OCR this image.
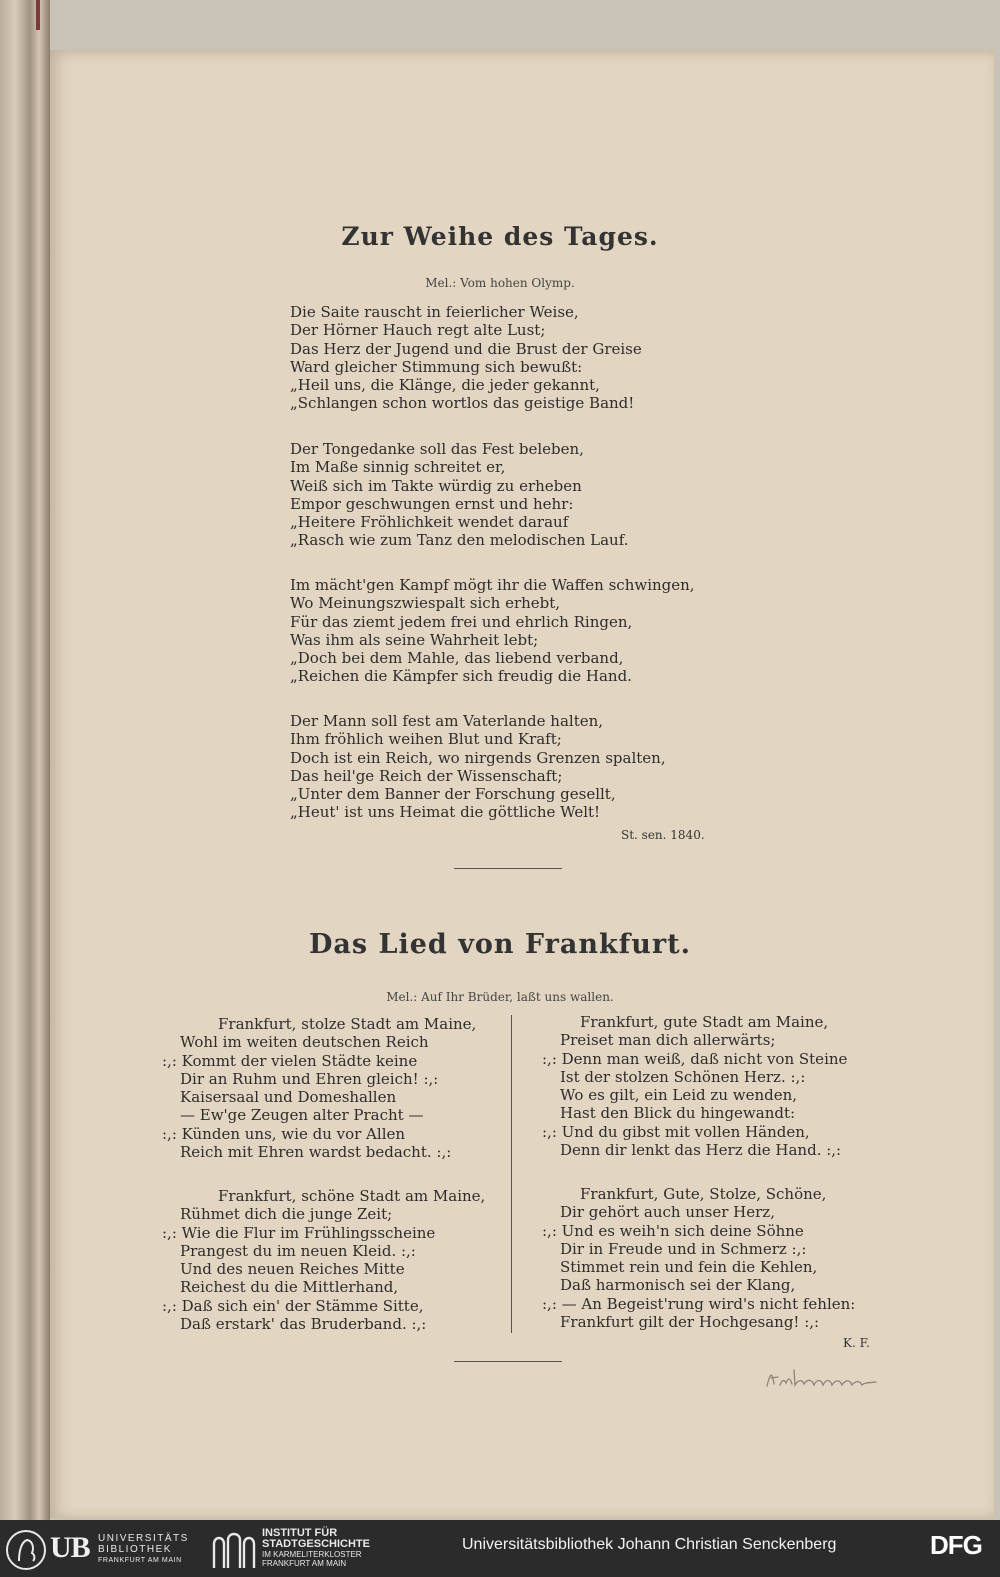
Zur Weihe des Tages.
Mel.: Vom hohen Olymp.
Die Saite rauscht in feierlicher Weise,
Der Hörner Hauch regt alte Lust;
Das Herz der Jugend und die Brust der Greise
Ward gleicher Stimmung sich bewußt:
„Heil uns, die Klänge, die jeder gekannt,
„Schlangen schon wortlos das geistige Band!
Der Tongedanke soll das Fest beleben,
Im Maße sinnig schreitet er,
Weiß sich im Takte würdig zu erheben
Empor geschwungen ernst und hehr:
„Heitere Fröhlichkeit wendet darauf
„Rasch wie zum Tanz den melodischen Lauf.
Im mächt'gen Kampf mögt ihr die Waffen schwingen,
Wo Meinungszwiespalt sich erhebt,
Für das ziemt jedem frei und ehrlich Ringen,
Was ihm als seine Wahrheit lebt;
„Doch bei dem Mahle, das liebend verband,
„Reichen die Kämpfer sich freudig die Hand.
Der Mann soll fest am Vaterlande halten,
Ihm fröhlich weihen Blut und Kraft;
Doch ist ein Reich, wo nirgends Grenzen spalten,
Das heil'ge Reich der Wissenschaft;
„Unter dem Banner der Forschung gesellt,
„Heut' ist uns Heimat die göttliche Welt!
St. sen. 1840.
Das Lied von Frankfurt.
Mel.: Auf Ihr Brüder, laßt uns wallen.
Frankfurt, stolze Stadt am Maine,
Wohl im weiten deutschen Reich
:,: Kommt der vielen Städte keine
Dir an Ruhm und Ehren gleich! :,:
Kaisersaal und Domeshallen
— Ew'ge Zeugen alter Pracht —
:,: Künden uns, wie du vor Allen
Reich mit Ehren wardst bedacht. :,:
Frankfurt, schöne Stadt am Maine,
Rühmet dich die junge Zeit;
:,: Wie die Flur im Frühlingsscheine
Prangest du im neuen Kleid. :,:
Und des neuen Reiches Mitte
Reichest du die Mittlerhand,
:,: Daß sich ein' der Stämme Sitte,
Daß erstark' das Bruderband. :,:
Frankfurt, gute Stadt am Maine,
Preiset man dich allerwärts;
:,: Denn man weiß, daß nicht von Steine
Ist der stolzen Schönen Herz. :,:
Wo es gilt, ein Leid zu wenden,
Hast den Blick du hingewandt:
:,: Und du gibst mit vollen Händen,
Denn dir lenkt das Herz die Hand. :,:
Frankfurt, Gute, Stolze, Schöne,
Dir gehört auch unser Herz,
:,: Und es weih'n sich deine Söhne
Dir in Freude und in Schmerz :,:
Stimmet rein und fein die Kehlen,
Daß harmonisch sei der Klang,
:,: — An Begeist'rung wird's nicht fehlen:
Frankfurt gilt der Hochgesang! :,:
K. F.
UB UNIVERSITÄTS
BIBLIOTHEK
FRANKFURT AM MAIN
INSTITUT FÜR
STADTGESCHICHTE
IM KARMELITERKLOSTER
FRANKFURT AM MAIN
Universitätsbibliothek Johann Christian Senckenberg	DFG
